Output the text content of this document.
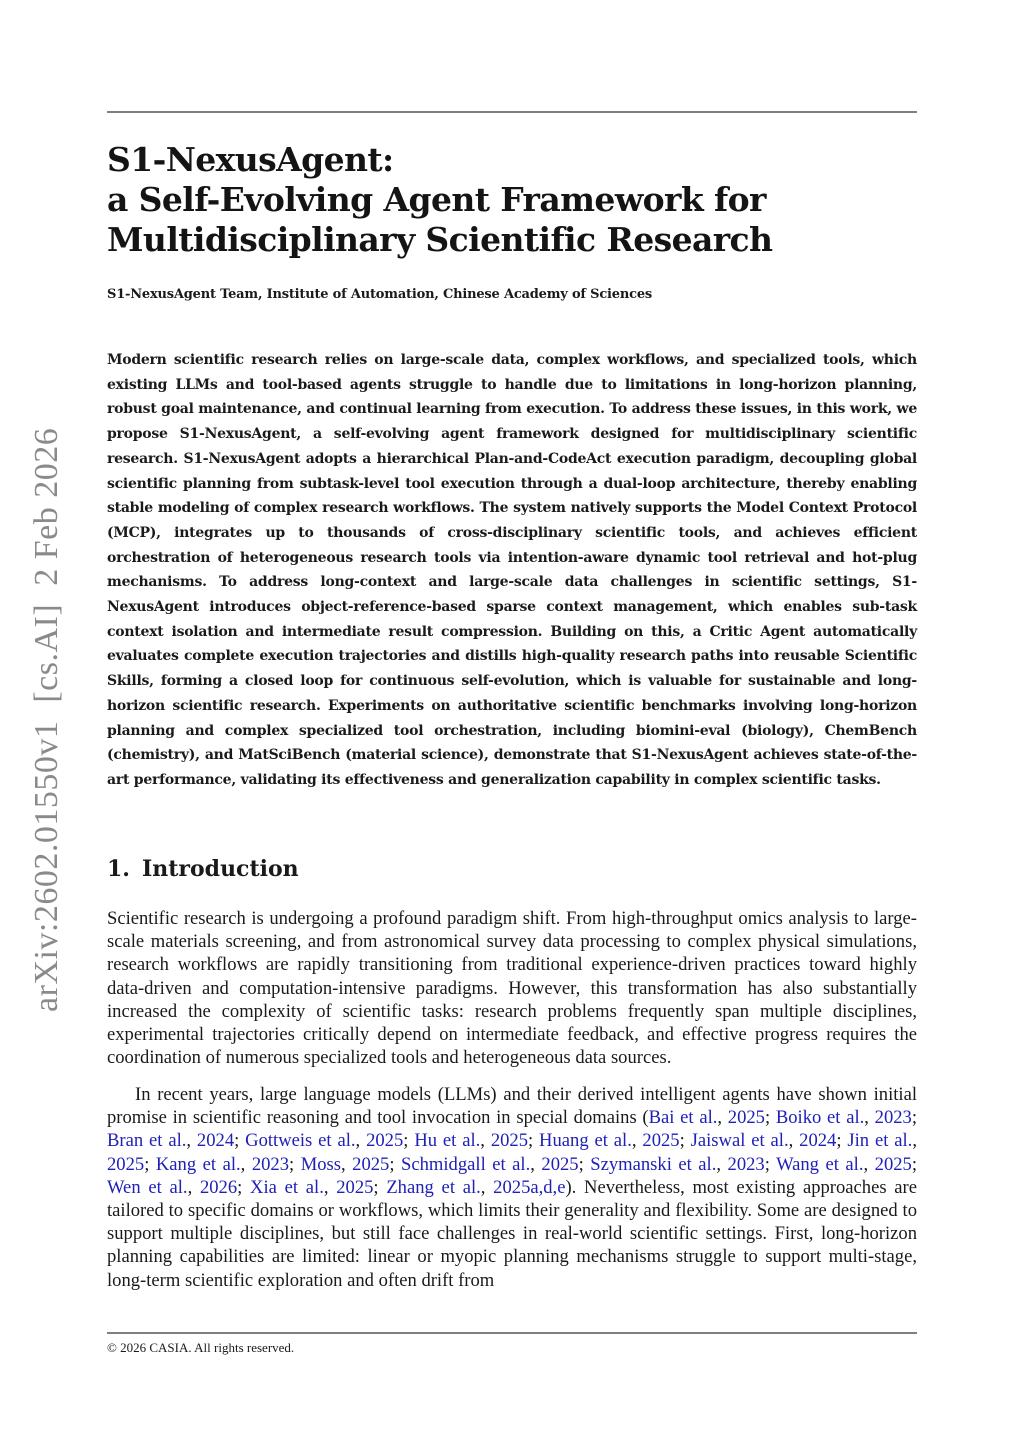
arXiv:2602.01550v1[cs.AI]2 Feb 2026
S1-NexusAgent:
a Self-Evolving Agent Framework for
Multidisciplinary Scientific Research
S1-NexusAgent Team, Institute of Automation, Chinese Academy of Sciences

Modern scientific research relies on large-scale data, complex workflows, and specialized tools, which existing LLMs and tool-based agents struggle to handle due to limitations in long-horizon planning, robust goal maintenance, and continual learning from execution. To address these issues, in this work, we propose S1-NexusAgent, a self-evolving agent framework designed for multidisciplinary scientific research. S1-NexusAgent adopts a hierarchical Plan-and-CodeAct execution paradigm, decoupling global scientific planning from subtask-level tool execution through a dual-loop architecture, thereby enabling stable modeling of complex research workflows. The system natively supports the Model Context Protocol (MCP), integrates up to thousands of cross-disciplinary scientific tools, and achieves efficient orchestration of heterogeneous research tools via intention-aware dynamic tool retrieval and hot-plug mechanisms. To address long-context and large-scale data challenges in scientific settings, S1-NexusAgent introduces object-reference-based sparse context management, which enables sub-task context isolation and intermediate result compression. Building on this, a Critic Agent automatically evaluates complete execution trajectories and distills high-quality research paths into reusable Scientific Skills, forming a closed loop for continuous self-evolution, which is valuable for sustainable and long-horizon scientific research. Experiments on authoritative scientific benchmarks involving long-horizon planning and complex specialized tool orchestration, including biomini-eval (biology), ChemBench (chemistry), and MatSciBench (material science), demonstrate that S1-NexusAgent achieves state-of-the-art performance, validating its effectiveness and generalization capability in complex scientific tasks.

1. Introduction

Scientific research is undergoing a profound paradigm shift. From high-throughput omics analysis to large-scale materials screening, and from astronomical survey data processing to complex physical simulations, research workflows are rapidly transitioning from traditional experience-driven practices toward highly data-driven and computation-intensive paradigms. However, this transformation has also substantially increased the complexity of scientific tasks: research problems frequently span multiple disciplines, experimental trajectories critically depend on intermediate feedback, and effective progress requires the coordination of numerous specialized tools and heterogeneous data sources.

In recent years, large language models (LLMs) and their derived intelligent agents have shown initial promise in scientific reasoning and tool invocation in special domains (Bai et al., 2025; Boiko et al., 2023; Bran et al., 2024; Gottweis et al., 2025; Hu et al., 2025; Huang et al., 2025; Jaiswal et al., 2024; Jin et al., 2025; Kang et al., 2023; Moss, 2025; Schmidgall et al., 2025; Szymanski et al., 2023; Wang et al., 2025; Wen et al., 2026; Xia et al., 2025; Zhang et al., 2025a,d,e). Nevertheless, most existing approaches are tailored to specific domains or workflows, which limits their generality and flexibility. Some are designed to support multiple disciplines, but still face challenges in real-world scientific settings. First, long-horizon planning capabilities are limited: linear or myopic planning mechanisms struggle to support multi-stage, long-term scientific exploration and often drift from

© 2026 CASIA. All rights reserved.
